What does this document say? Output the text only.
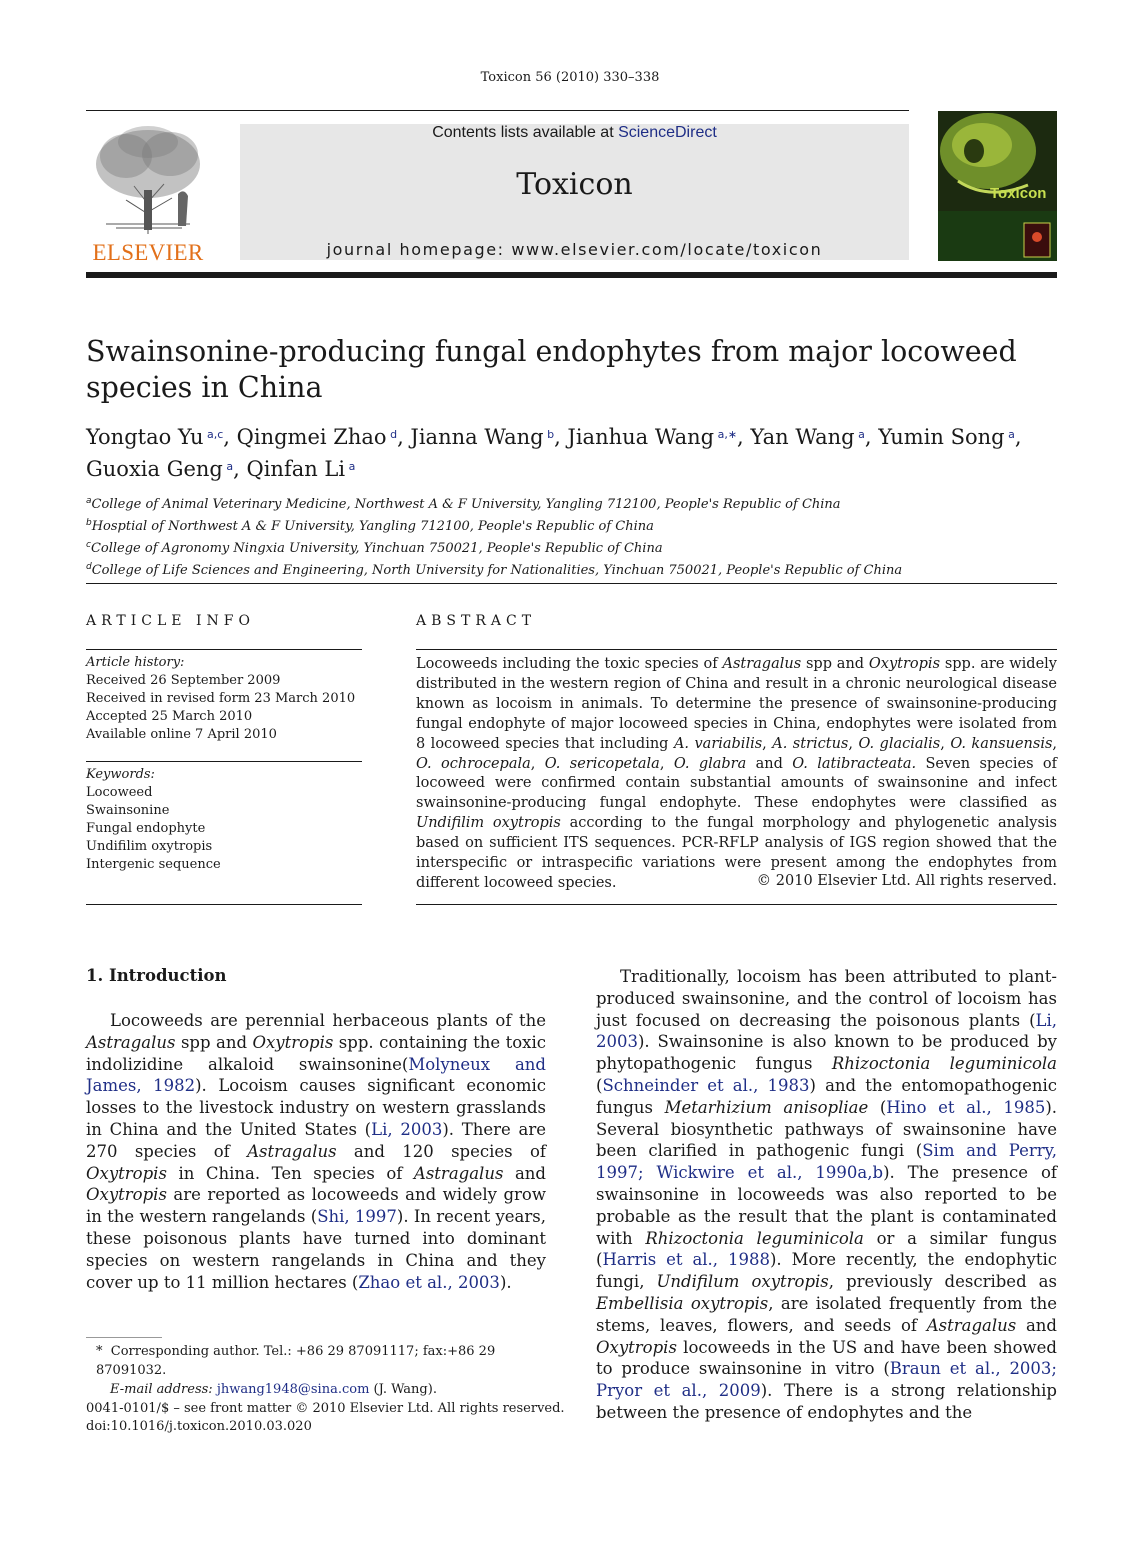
Toxicon 56 (2010) 330–338
ELSEVIER
Contents lists available at ScienceDirect
Toxicon
journal homepage: www.elsevier.com/locate/toxicon
Toxicon
Swainsonine-producing fungal endophytes from major locoweed species in China
Yongtao Yu $^{a,c}$, Qingmei Zhao $^d$, Jianna Wang $^b$, Jianhua Wang $^{a,∗}$, Yan Wang $^a$, Yumin Song $^a$,
Guoxia Geng $^a$, Qinfan Li $^a$
$^a$College of Animal Veterinary Medicine, Northwest A & F University, Yangling 712100, People's Republic of China
$^b$Hosptial of Northwest A & F University, Yangling 712100, People's Republic of China
$^c$College of Agronomy Ningxia University, Yinchuan 750021, People's Republic of China
$^d$College of Life Sciences and Engineering, North University for Nationalities, Yinchuan 750021, People's Republic of China
ARTICLE INFO
Article history:
Received 26 September 2009
Received in revised form 23 March 2010
Accepted 25 March 2010
Available online 7 April 2010
Keywords:
Locoweed
Swainsonine
Fungal endophyte
Undifilim oxytropis
Intergenic sequence
ABSTRACT
Locoweeds including the toxic species of Astragalus spp and Oxytropis spp. are widely distributed in the western region of China and result in a chronic neurological disease known as locoism in animals. To determine the presence of swainsonine-producing fungal endophyte of major locoweed species in China, endophytes were isolated from 8 locoweed species that including A. variabilis, A. strictus, O. glacialis, O. kansuensis, O. ochrocepala, O. sericopetala, O. glabra and O. latibracteata. Seven species of locoweed were confirmed contain substantial amounts of swainsonine and infect swainsonine-producing fungal endophyte. These endophytes were classified as Undifilim oxytropis according to the fungal morphology and phylogenetic analysis based on sufficient ITS sequences. PCR-RFLP analysis of IGS region showed that the interspecific or intraspecific variations were present among the endophytes from different locoweed species.	© 2010 Elsevier Ltd. All rights reserved.
1. Introduction
Locoweeds are perennial herbaceous plants of the Astragalus spp and Oxytropis spp. containing the toxic indolizidine alkaloid swainsonine(Molyneux and James, 1982). Locoism causes significant economic losses to the livestock industry on western grasslands in China and the United States (Li, 2003). There are 270 species of Astragalus and 120 species of Oxytropis in China. Ten species of Astragalus and Oxytropis are reported as locoweeds and widely grow in the western rangelands (Shi, 1997). In recent years, these poisonous plants have turned into dominant species on western rangelands in China and they cover up to 11 million hectares (Zhao et al., 2003).
Traditionally, locoism has been attributed to plant-produced swainsonine, and the control of locoism has just focused on decreasing the poisonous plants (Li, 2003). Swainsonine is also known to be produced by phytopathogenic fungus Rhizoctonia leguminicola (Schneinder et al., 1983) and the entomopathogenic fungus Metarhizium anisopliae (Hino et al., 1985). Several biosynthetic pathways of swainsonine have been clarified in pathogenic fungi (Sim and Perry, 1997; Wickwire et al., 1990a,b). The presence of swainsonine in locoweeds was also reported to be probable as the result that the plant is contaminated with Rhizoctonia leguminicola or a similar fungus (Harris et al., 1988). More recently, the endophytic fungi, Undifilum oxytropis, previously described as Embellisia oxytropis, are isolated frequently from the stems, leaves, flowers, and seeds of Astragalus and Oxytropis locoweeds in the US and have been showed to produce swainsonine in vitro (Braun et al., 2003; Pryor et al., 2009). There is a strong relationship between the presence of endophytes and the
* Corresponding author. Tel.: +86 29 87091117; fax:+86 29 87091032.
E-mail address: jhwang1948@sina.com (J. Wang).
0041-0101/$ – see front matter © 2010 Elsevier Ltd. All rights reserved.
doi:10.1016/j.toxicon.2010.03.020
